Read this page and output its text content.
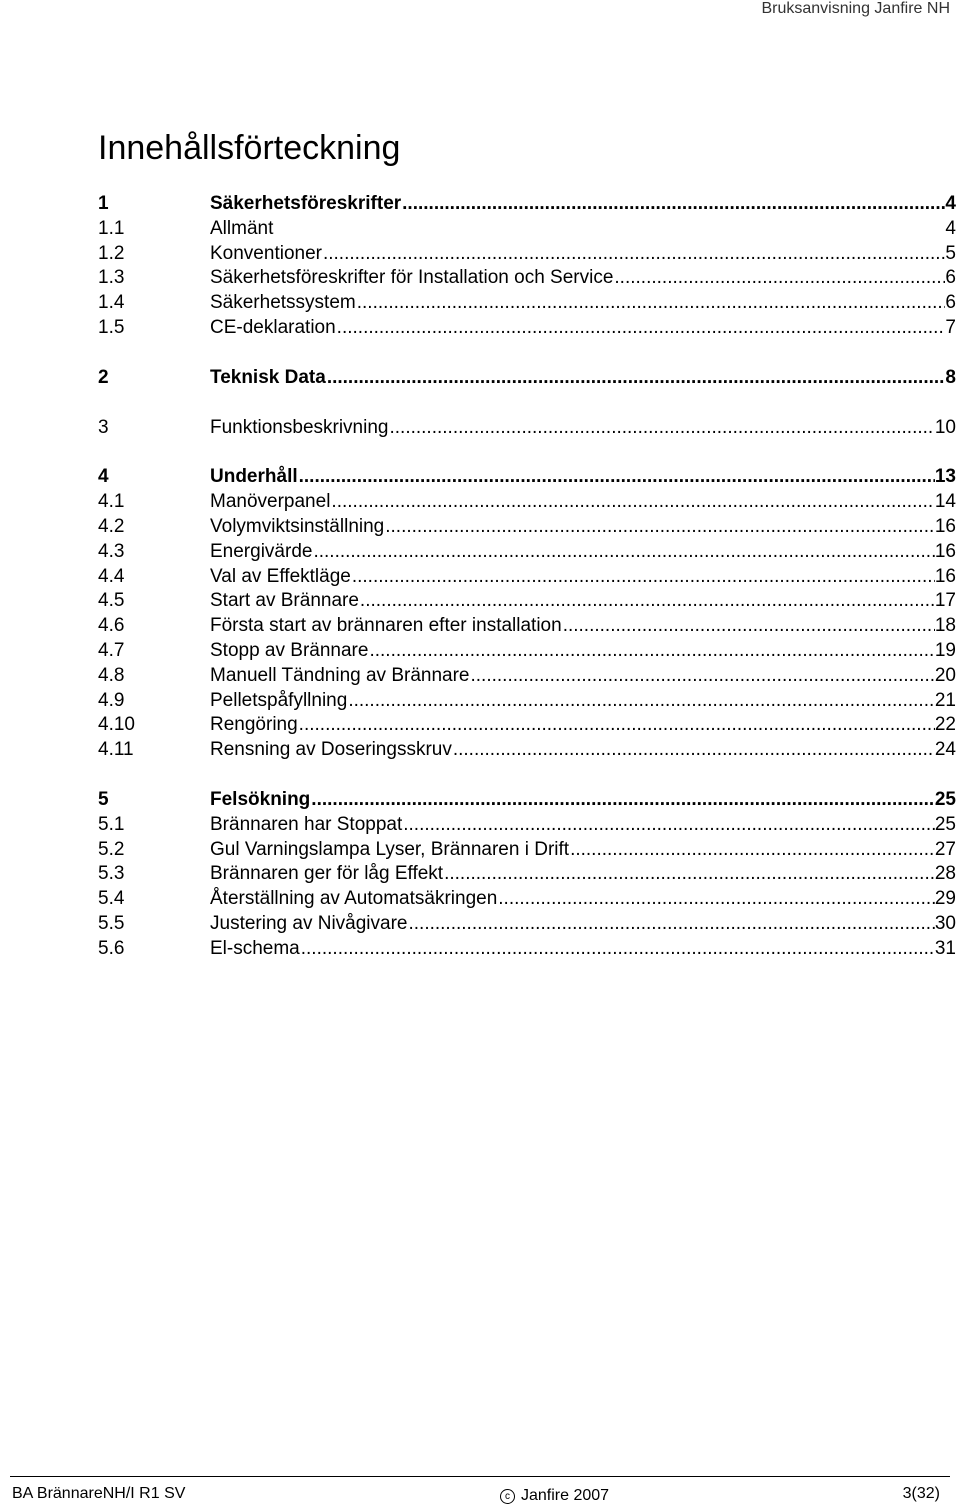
Bruksanvisning Janfire NH
Innehållsförteckning
1	Säkerhetsföreskrifter .....	4
1.1	Allmänt	4
1.2	Konventioner .....	5
1.3	Säkerhetsföreskrifter för Installation och Service .....	6
1.4	Säkerhetssystem .....	6
1.5	CE-deklaration .....	7
2	Teknisk Data .....	8
3	Funktionsbeskrivning .....	10
4	Underhåll .....	13
4.1	Manöverpanel .....	14
4.2	Volymviktsinställning .....	16
4.3	Energivärde .....	16
4.4	Val av Effektläge .....	16
4.5	Start av Brännare .....	17
4.6	Första start av brännaren efter installation .....	18
4.7	Stopp av Brännare .....	19
4.8	Manuell Tändning av Brännare .....	20
4.9	Pelletspåfyllning .....	21
4.10	Rengöring .....	22
4.11	Rensning av Doseringsskruv .....	24
5	Felsökning .....	25
5.1	Brännaren har Stoppat .....	25
5.2	Gul Varningslampa Lyser, Brännaren i Drift .....	27
5.3	Brännaren ger för låg Effekt .....	28
5.4	Återställning av Automatsäkringen .....	29
5.5	Justering av Nivågivare .....	30
5.6	El-schema .....	31
BA BrännareNH/I R1 SV	c Janfire 2007	3(32)
